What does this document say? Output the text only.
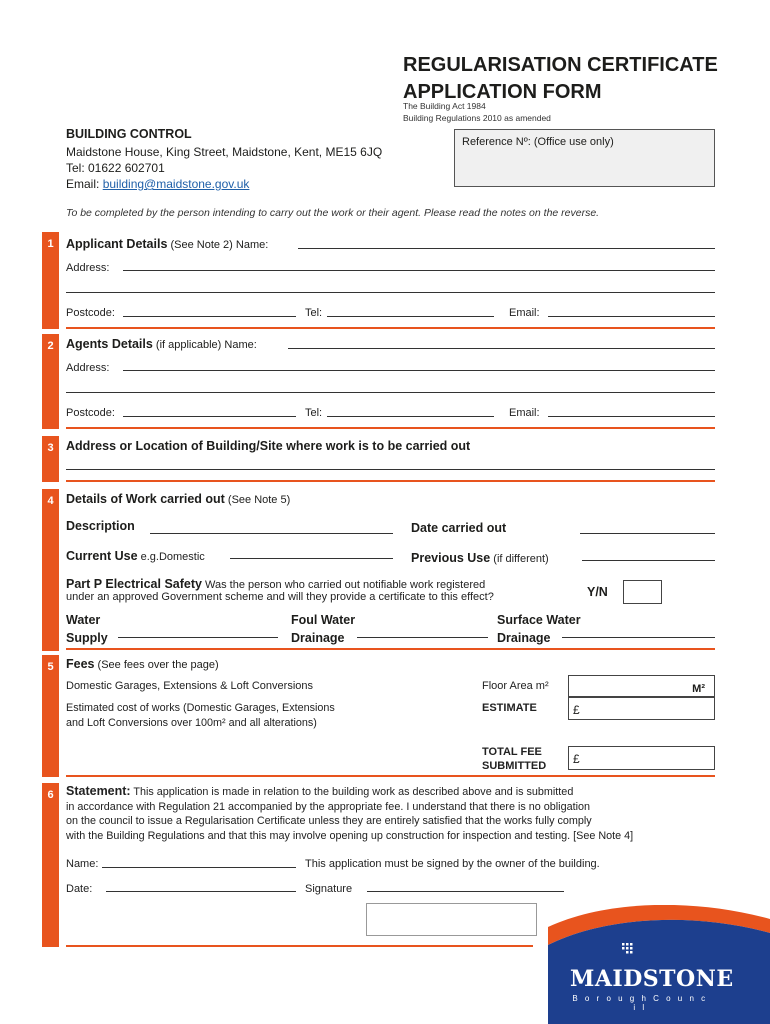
REGULARISATION CERTIFICATE
APPLICATION FORM
The Building Act 1984
Building Regulations 2010 as amended
BUILDING CONTROL
Maidstone House, King Street, Maidstone, Kent, ME15 6JQ
Tel: 01622 602701
Email: building@maidstone.gov.uk
Reference Nº: (Office use only)
To be completed by the person intending to carry out the work or their agent. Please read the notes on the reverse.
1 Applicant Details (See Note 2) Name:
Address:
Postcode:	Tel:	Email:
2 Agents Details (if applicable) Name:
Address:
Postcode:	Tel:	Email:
3 Address or Location of Building/Site where work is to be carried out
4 Details of Work carried out (See Note 5)
Description	Date carried out
Current Use e.g.Domestic	Previous Use (if different)
Part P Electrical Safety Was the person who carried out notifiable work registered
under an approved Government scheme and will they provide a certificate to this effect?	Y/N
Water
Supply
Foul Water
Drainage
Surface Water
Drainage
5 Fees (See fees over the page)
Domestic Garages, Extensions & Loft Conversions	Floor Area m²	M²
Estimated cost of works (Domestic Garages, Extensions
and Loft Conversions over 100m² and all alterations)
ESTIMATE	£
TOTAL FEE
SUBMITTED	£
6 Statement: This application is made in relation to the building work as described above and is submitted
in accordance with Regulation 21 accompanied by the appropriate fee. I understand that there is no obligation
on the council to issue a Regularisation Certificate unless they are entirely satisfied that the works fully comply
with the Building Regulations and that this may involve opening up construction for inspection and testing. [See Note 4]
Name:	This application must be signed by the owner of the building.
Date:	Signature
MAIDSTONE
B o r o u g h C o u n c i l
